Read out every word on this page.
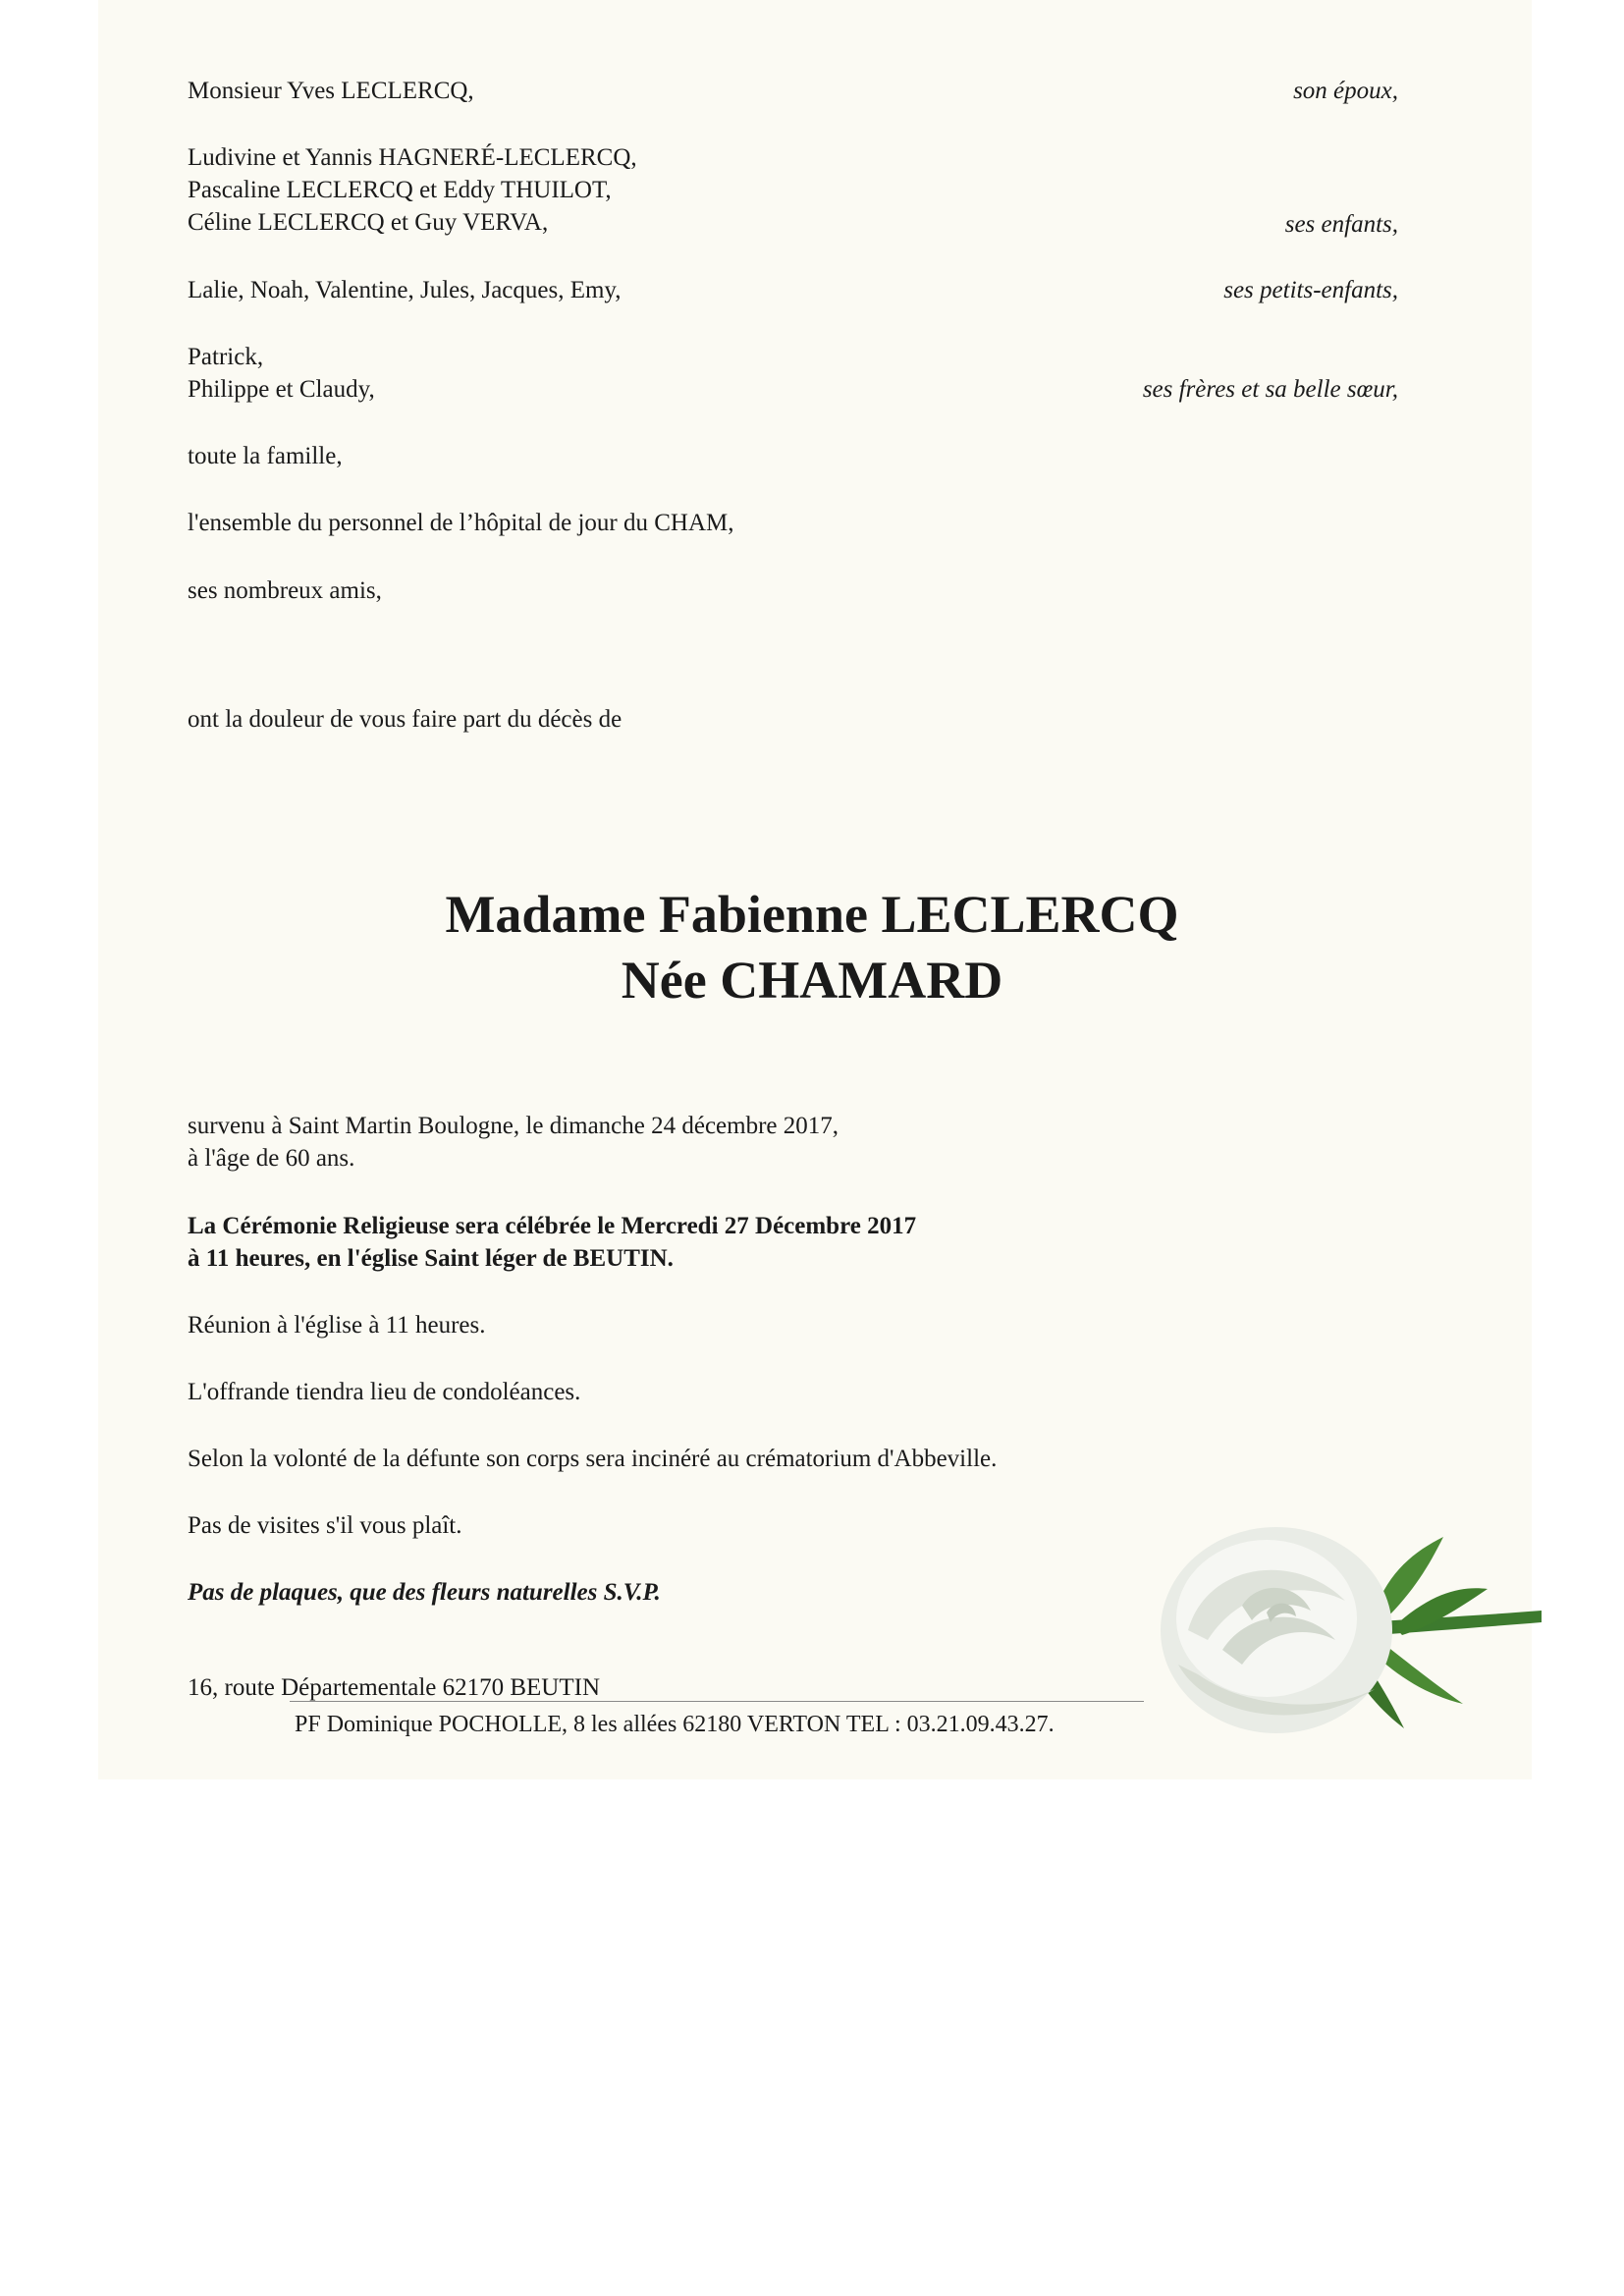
Monsieur Yves LECLERCQ,	son époux,
Ludivine et Yannis HAGNERÉ-LECLERCQ,
Pascaline LECLERCQ et Eddy THUILOT,
Céline LECLERCQ et Guy VERVA,	ses enfants,
Lalie, Noah, Valentine, Jules, Jacques, Emy,	ses petits-enfants,
Patrick,
Philippe et Claudy,	ses frères et sa belle sœur,
toute la famille,
l'ensemble du personnel de l’hôpital de jour du CHAM,
ses nombreux amis,
ont la douleur de vous faire part du décès de
Madame Fabienne LECLERCQ
Née CHAMARD
survenu à Saint Martin Boulogne, le dimanche 24 décembre 2017,
à l'âge de 60 ans.
La Cérémonie Religieuse sera célébrée le Mercredi 27 Décembre 2017
à 11 heures, en l'église Saint léger de BEUTIN.
Réunion à l'église à 11 heures.
L'offrande tiendra lieu de condoléances.
Selon la volonté de la défunte son corps sera incinéré au crématorium d'Abbeville.
Pas de visites s'il vous plaît.
Pas de plaques, que des fleurs naturelles S.V.P.
16, route Départementale 62170 BEUTIN
PF Dominique POCHOLLE, 8 les allées 62180 VERTON TEL : 03.21.09.43.27.
